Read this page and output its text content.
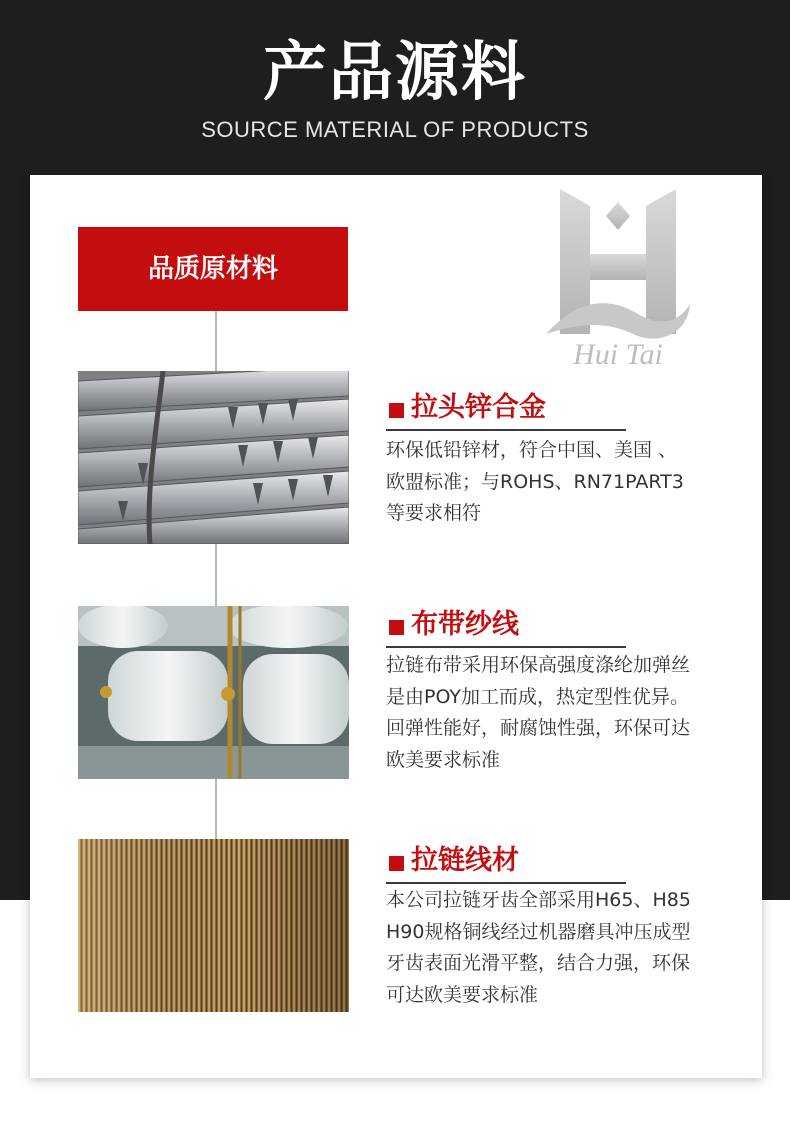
产品源料
SOURCE MATERIAL OF PRODUCTS
Hui Tai
品质原材料
拉头锌合金
环保低铅锌材，符合中国、美国 、
欧盟标准；与ROHS、RN71PART3
等要求相符
布带纱线
拉链布带采用环保高强度涤纶加弹丝
是由POY加工而成，热定型性优异。
回弹性能好，耐腐蚀性强，环保可达
欧美要求标准
拉链线材
本公司拉链牙齿全部采用H65、H85
H90规格铜线经过机器磨具冲压成型
牙齿表面光滑平整，结合力强，环保
可达欧美要求标准
